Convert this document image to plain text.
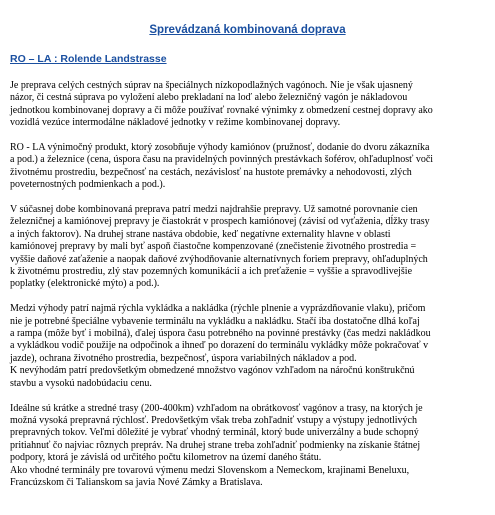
Sprevádzaná kombinovaná doprava
RO – LA : Rolende Landstrasse

Je preprava celých cestných súprav na špeciálnych nízkopodlažných vagónoch. Nie je však ujasnený
názor, či cestná súprava po vyložení alebo prekladaní na loď alebo železničný vagón je nákladovou
jednotkou kombinovanej dopravy a či môže používať rovnaké výnimky z obmedzení cestnej dopravy ako
vozidlá vezúce intermodálne nákladové jednotky v režime kombinovanej dopravy.

RO - LA výnimočný produkt, ktorý zosobňuje výhody kamiónov (pružnosť, dodanie do dvoru zákazníka
a pod.) a železnice (cena, úspora času na pravidelných povinných prestávkach šoférov, ohľaduplnosť voči
životnému prostrediu, bezpečnosť na cestách, nezávislosť na hustote premávky a nehodovosti, zlých
poveternostných podmienkach a pod.).

V súčasnej dobe kombinovaná preprava patrí medzi najdrahšie prepravy. Už samotné porovnanie cien
železničnej a kamiónovej prepravy je čiastokrát v prospech kamiónovej (závisí od vyťaženia, dĺžky trasy
a iných faktorov). Na druhej strane nastáva obdobie, keď negatívne externality hlavne v oblasti
kamiónovej prepravy by mali byť aspoň čiastočne kompenzované (znečistenie životného prostredia =
vyššie daňové zaťaženie a naopak daňové zvýhodňovanie alternatívnych foriem prepravy, ohľaduplných
k životnému prostrediu, zlý stav pozemných komunikácií a ich preťaženie = vyššie a spravodlivejšie
poplatky (elektronické mýto) a pod.).

Medzi výhody patrí najmä rýchla vykládka a nakládka (rýchle plnenie a vyprázdňovanie vlaku), pričom
nie je potrebné špeciálne vybavenie terminálu na vykládku a nakládku. Stačí iba dostatočne dlhá koľaj
a rampa (môže byť i mobilná), ďalej úspora času potrebného na povinné prestávky (čas medzi nakládkou
a vykládkou vodič použije na odpočinok a ihneď po dorazení do terminálu vykládky môže pokračovať v
jazde), ochrana životného prostredia, bezpečnosť, úspora variabilných nákladov a pod.
K nevýhodám patrí predovšetkým obmedzené množstvo vagónov vzhľadom na náročnú konštrukčnú
stavbu a vysokú nadobúdaciu cenu.

Ideálne sú krátke a stredné trasy (200-400km) vzhľadom na obrátkovosť vagónov a trasy, na ktorých je
možná vysoká prepravná rýchlosť. Predovšetkým však treba zohľadniť vstupy a výstupy jednotlivých
prepravných tokov. Veľmi dôležité je vybrať vhodný terminál, ktorý bude univerzálny a bude schopný
pritiahnuť čo najviac rôznych prepráv. Na druhej strane treba zohľadniť podmienky na získanie štátnej
podpory, ktorá je závislá od určitého počtu kilometrov na území daného štátu.
Ako vhodné terminály pre tovarovú výmenu medzi Slovenskom a Nemeckom, krajinami Beneluxu,
Francúzskom či Talianskom sa javia Nové Zámky a Bratislava.
